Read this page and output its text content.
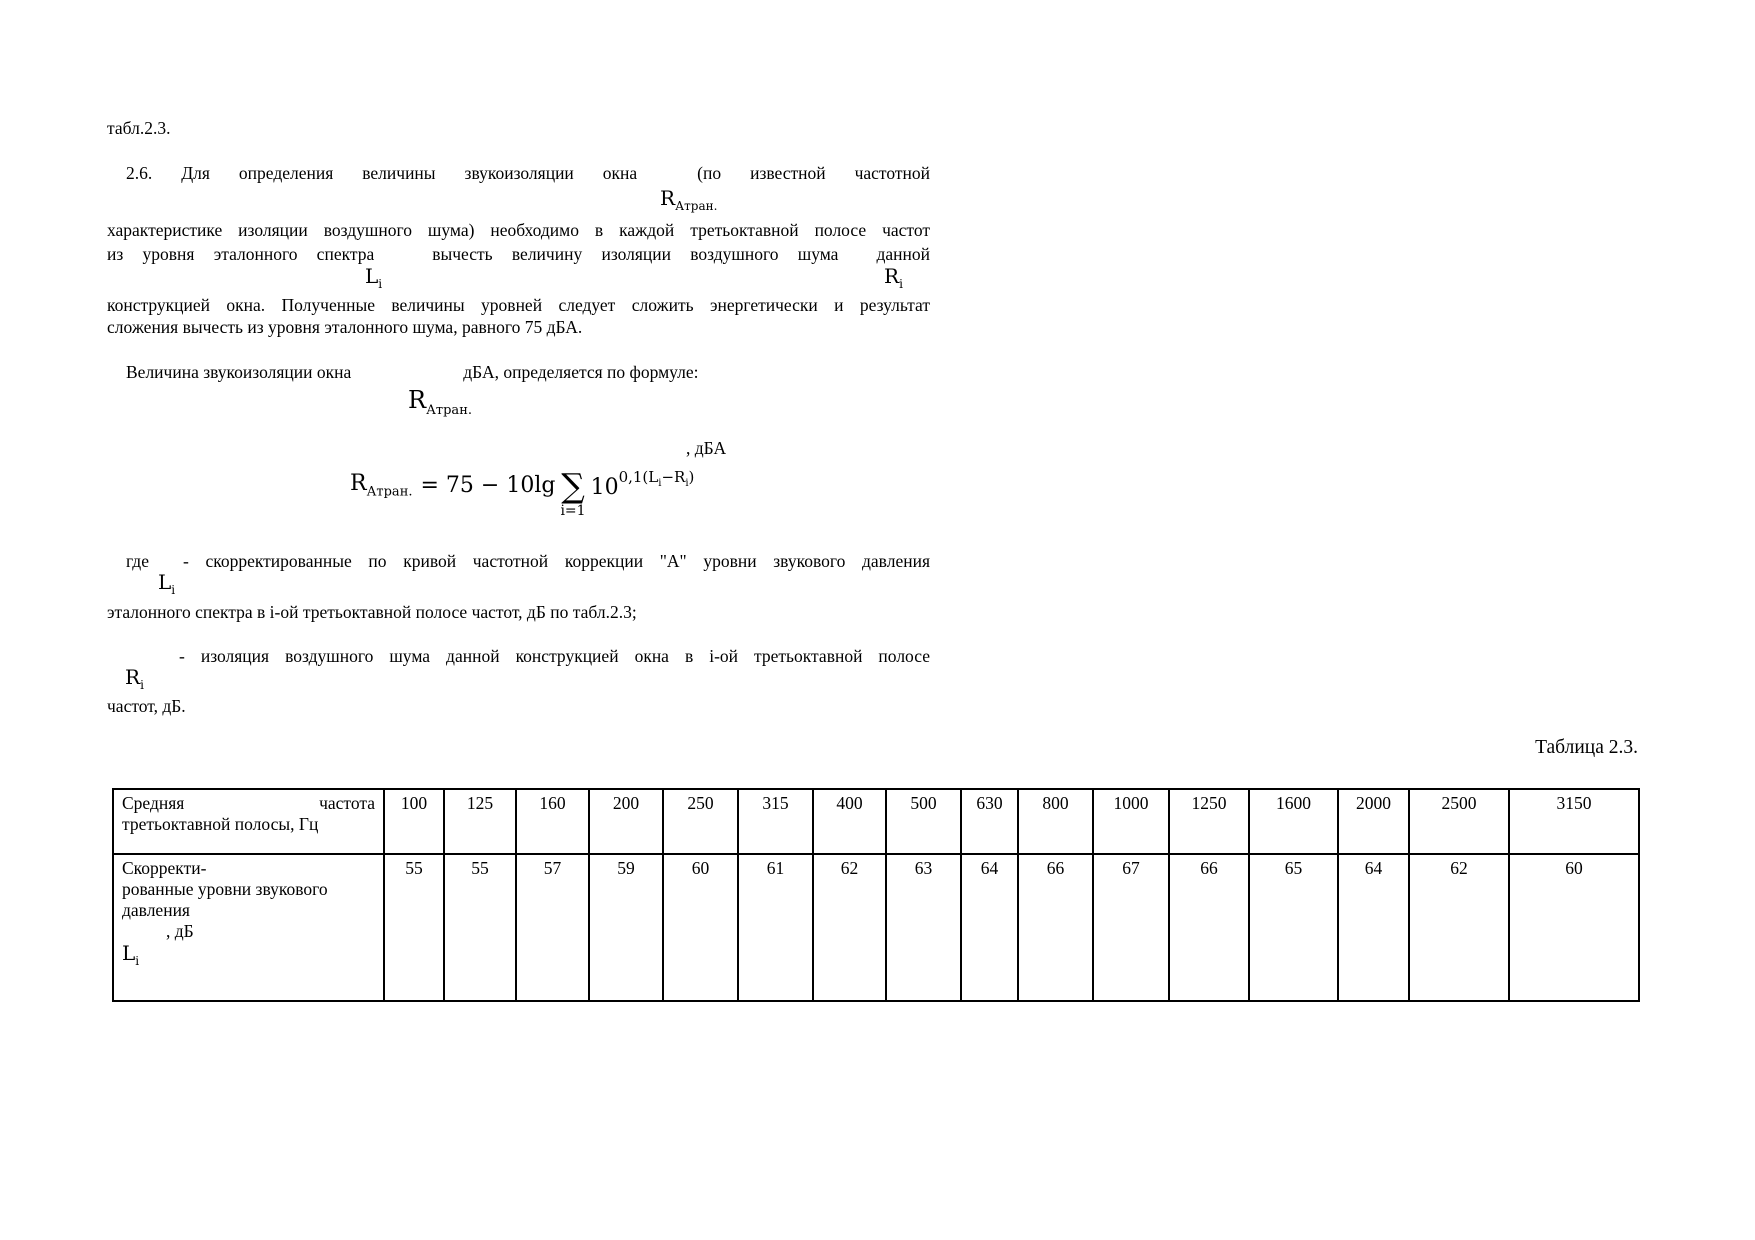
табл.2.3.
2.6. Для определения величины звукоизоляции окна	(по известной частотной
$R_{Атран.}$
характеристике изоляции воздушного шума) необходимо в каждой третьоктавной полосе частот
из уровня эталонного спектра	вычесть величину изоляции воздушного шума данной
$L_i$	$R_i$
конструкцией окна. Полученные величины уровней следует сложить энергетически и результат
сложения вычесть из уровня эталонного шума, равного 75 дБА.
Величина звукоизоляции окна	дБА, определяется по формуле:
$R_{Атран.}$
, дБА
$R_{Атран.} = 75 - 10\lg$ ∑
i=1
$10^{0,1(L_i-R_i)}$
где - скорректированные по кривой частотной коррекции "А" уровни звукового давления
$L_i$
эталонного спектра в i-ой третьоктавной полосе частот, дБ по табл.2.3;
- изоляция воздушного шума данной конструкцией окна в i-ой третьоктавной полосе
$R_i$
частот, дБ.
Таблица 2.3.
Средняя частота
третьоктавной полосы, Гц	100	125	160	200	250	315	400	500	630	800	1000	1250	1600	2000	2500	3150

Скорректи-
рованные уровни звукового
давления
, дБ
$L_i$	55	55	57	59	60	61	62	63	64	66	67	66	65	64	62	60
